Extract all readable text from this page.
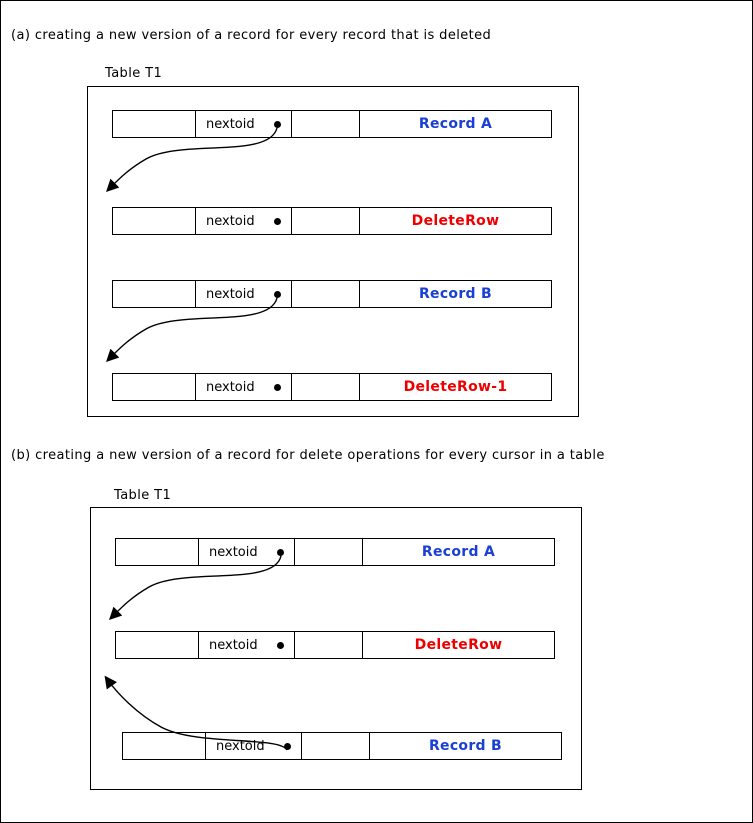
(a) creating a new version of a record for every record that is deleted
Table T1
nextoid	Record A
nextoid	DeleteRow
nextoid	Record B
nextoid	DeleteRow-1
(b) creating a new version of a record for delete operations for every cursor in a table
Table T1
nextoid	Record A
nextoid	DeleteRow
nextoid	Record B
